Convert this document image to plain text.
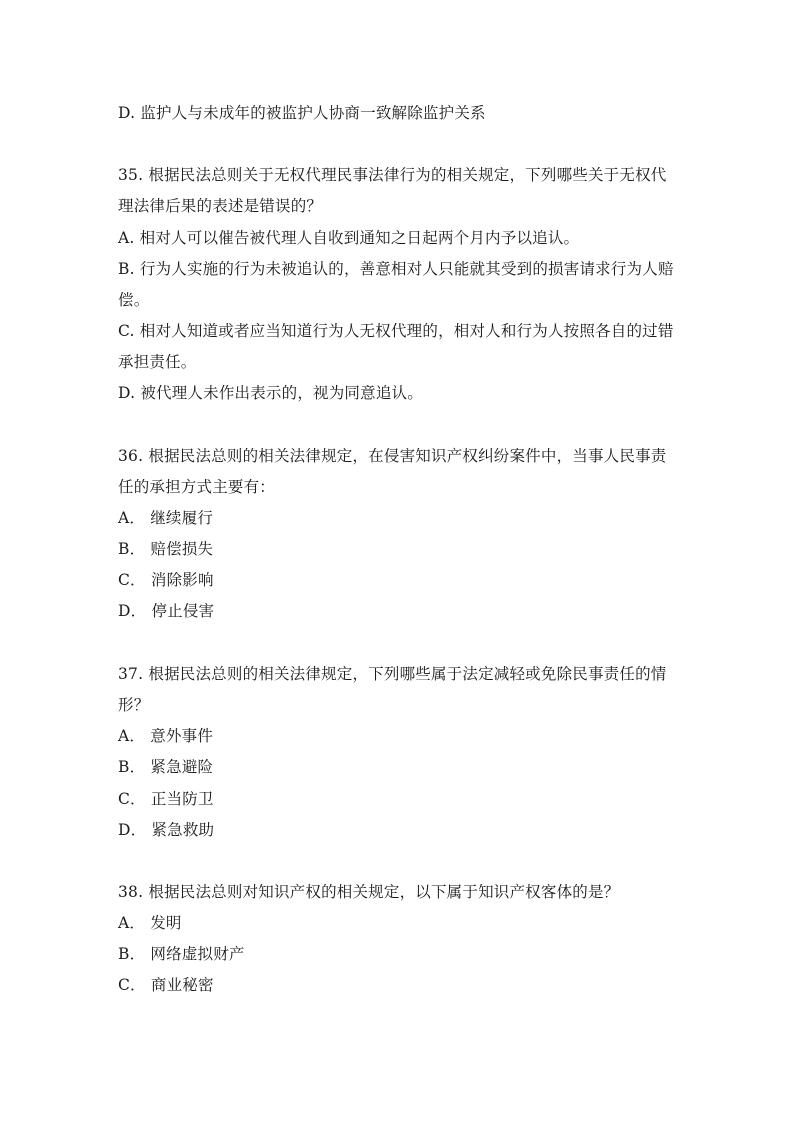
D. 监护人与未成年的被监护人协商一致解除监护关系
35. 根据民法总则关于无权代理民事法律行为的相关规定，下列哪些关于无权代
理法律后果的表述是错误的？
A. 相对人可以催告被代理人自收到通知之日起两个月内予以追认。
B. 行为人实施的行为未被追认的，善意相对人只能就其受到的损害请求行为人赔
偿。
C. 相对人知道或者应当知道行为人无权代理的，相对人和行为人按照各自的过错
承担责任。
D. 被代理人未作出表示的，视为同意追认。
36. 根据民法总则的相关法律规定，在侵害知识产权纠纷案件中，当事人民事责
任的承担方式主要有：
A． 继续履行
B． 赔偿损失
C． 消除影响
D． 停止侵害
37. 根据民法总则的相关法律规定，下列哪些属于法定减轻或免除民事责任的情
形？
A． 意外事件
B． 紧急避险
C． 正当防卫
D． 紧急救助
38. 根据民法总则对知识产权的相关规定，以下属于知识产权客体的是？
A． 发明
B． 网络虚拟财产
C． 商业秘密
